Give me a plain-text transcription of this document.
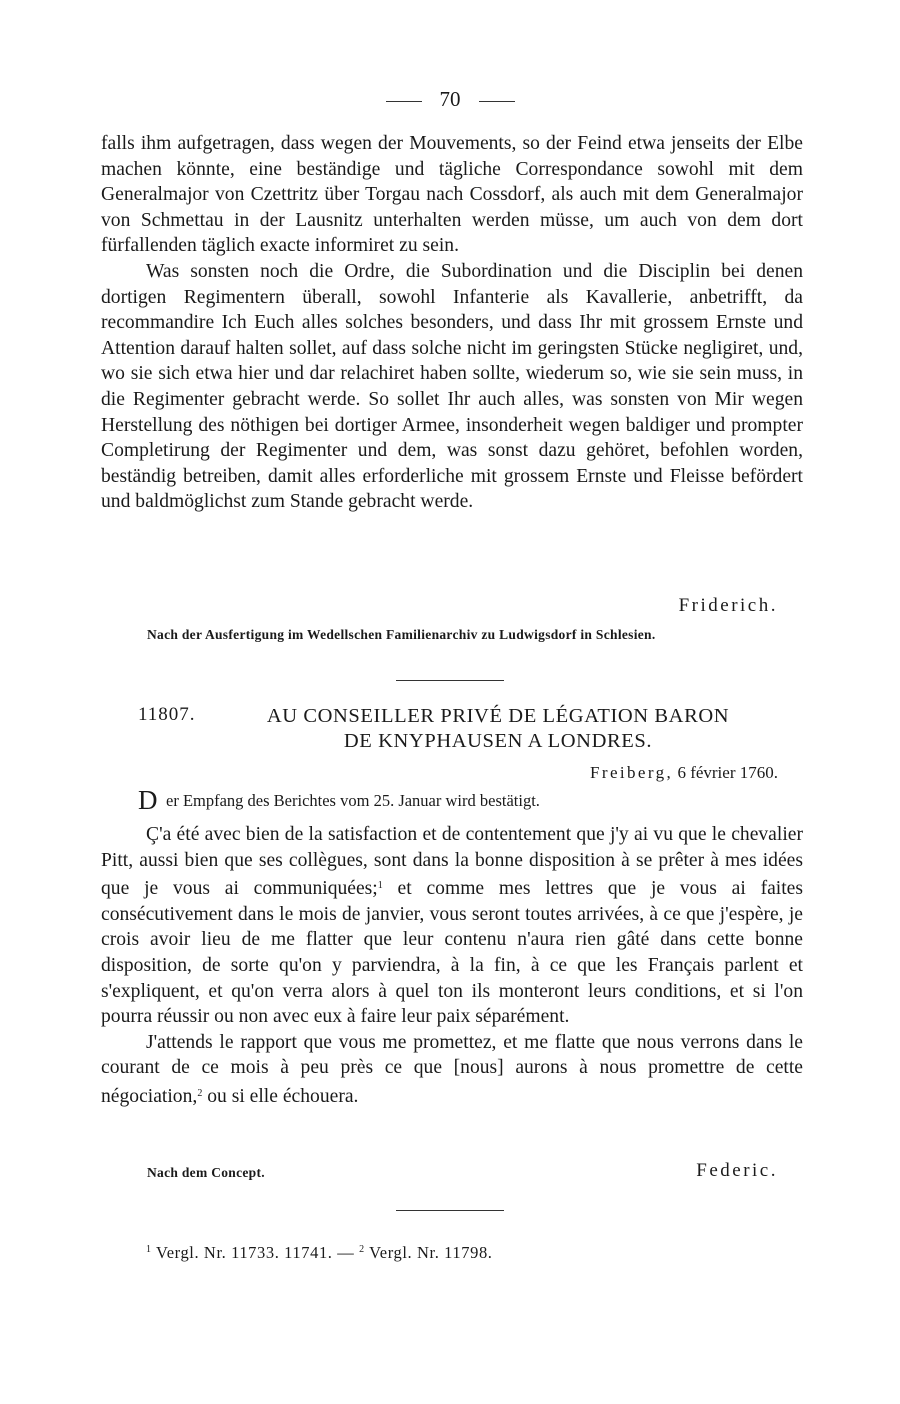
70

falls ihm aufgetragen, dass wegen der Mouvements, so der Feind etwa jenseits der Elbe machen könnte, eine beständige und tägliche Correspondance sowohl mit dem Generalmajor von Czettritz über Torgau nach Cossdorf, als auch mit dem Generalmajor von Schmettau in der Lausnitz unterhalten werden müsse, um auch von dem dort fürfallenden täglich exacte informiret zu sein.

Was sonsten noch die Ordre, die Subordination und die Disciplin bei denen dortigen Regimentern überall, sowohl Infanterie als Kavallerie, anbetrifft, da recommandire Ich Euch alles solches besonders, und dass Ihr mit grossem Ernste und Attention darauf halten sollet, auf dass solche nicht im geringsten Stücke negligiret, und, wo sie sich etwa hier und dar relachiret haben sollte, wiederum so, wie sie sein muss, in die Regimenter gebracht werde. So sollet Ihr auch alles, was sonsten von Mir wegen Herstellung des nöthigen bei dortiger Armee, insonderheit wegen baldiger und prompter Completirung der Regimenter und dem, was sonst dazu gehöret, befohlen worden, beständig betreiben, damit alles erforderliche mit grossem Ernste und Fleisse befördert und baldmöglichst zum Stande gebracht werde.

Friderich.
Nach der Ausfertigung im Wedellschen Familienarchiv zu Ludwigsdorf in Schlesien.
11807.	AU CONSEILLER PRIVÉ DE LÉGATION BARON
DE KNYPHAUSEN A LONDRES.
Freiberg, 6 février 1760.
D er Empfang des Berichtes vom 25. Januar wird bestätigt.

Ç'a été avec bien de la satisfaction et de contentement que j'y ai vu que le chevalier Pitt, aussi bien que ses collègues, sont dans la bonne disposition à se prêter à mes idées que je vous ai communiquées;$^1$ et comme mes lettres que je vous ai faites consécutivement dans le mois de janvier, vous seront toutes arrivées, à ce que j'espère, je crois avoir lieu de me flatter que leur contenu n'aura rien gâté dans cette bonne disposition, de sorte qu'on y parviendra, à la fin, à ce que les Français parlent et s'expliquent, et qu'on verra alors à quel ton ils monteront leurs conditions, et si l'on pourra réussir ou non avec eux à faire leur paix séparément.

J'attends le rapport que vous me promettez, et me flatte que nous verrons dans le courant de ce mois à peu près ce que [nous] aurons à nous promettre de cette négociation,$^2$ ou si elle échouera.

Nach dem Concept.	Federic.
$^1$ Vergl. Nr. 11733. 11741. — $^2$ Vergl. Nr. 11798.
